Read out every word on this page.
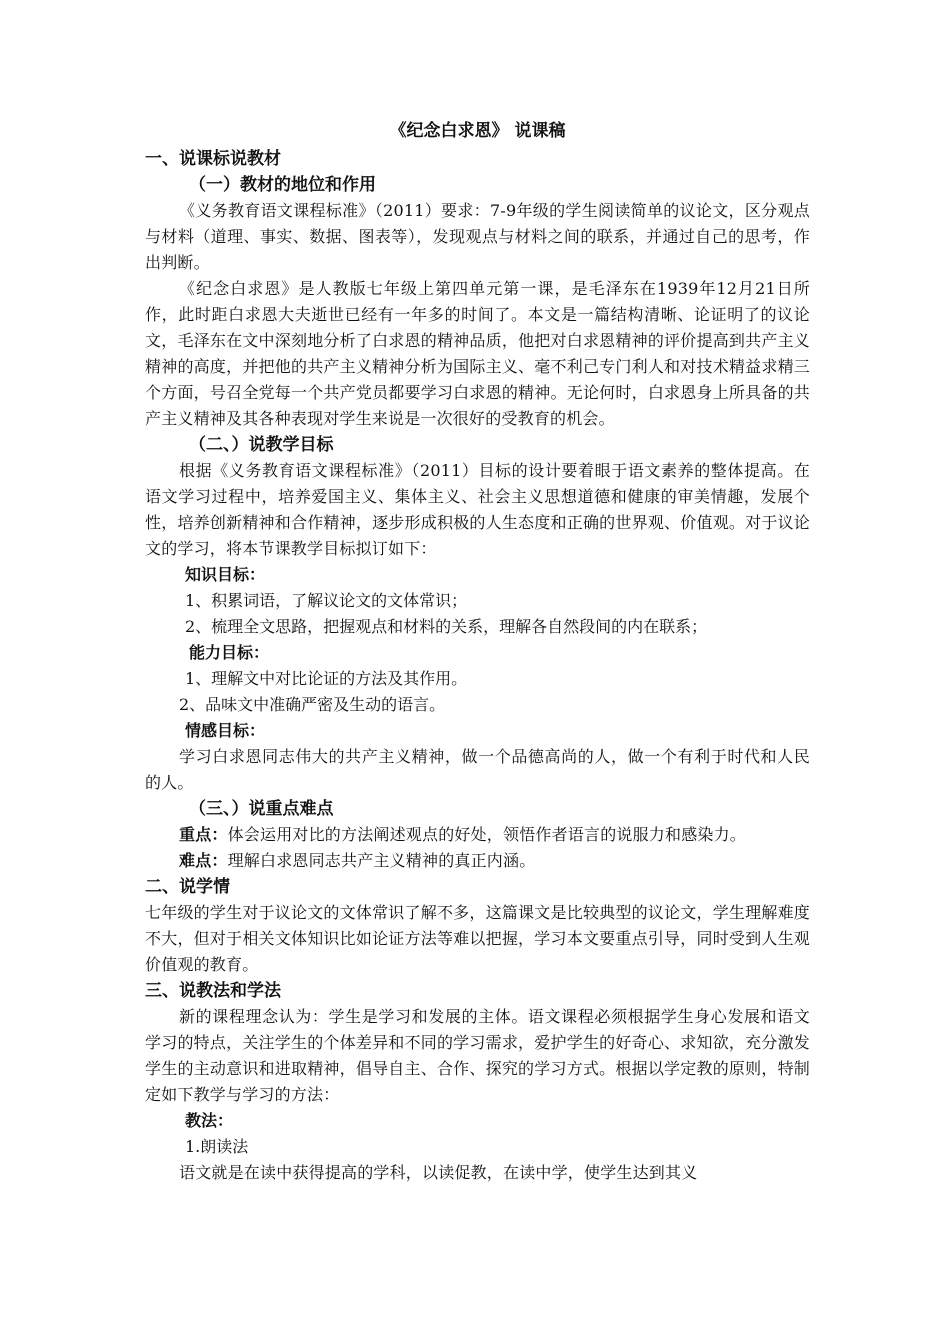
《纪念白求恩》 说课稿

一、说课标说教材

（一）教材的地位和作用

《义务教育语文课程标准》（2011）要求：7-9年级的学生阅读简单的议论文，区分观点与材料（道理、事实、数据、图表等），发现观点与材料之间的联系，并通过自己的思考，作出判断。

《纪念白求恩》是人教版七年级上第四单元第一课，是毛泽东在1939年12月21日所作，此时距白求恩大夫逝世已经有一年多的时间了。本文是一篇结构清晰、论证明了的议论文，毛泽东在文中深刻地分析了白求恩的精神品质，他把对白求恩精神的评价提高到共产主义精神的高度，并把他的共产主义精神分析为国际主义、毫不利己专门利人和对技术精益求精三个方面，号召全党每一个共产党员都要学习白求恩的精神。无论何时，白求恩身上所具备的共产主义精神及其各种表现对学生来说是一次很好的受教育的机会。

（二、）说教学目标

根据《义务教育语文课程标准》（2011）目标的设计要着眼于语文素养的整体提高。在语文学习过程中，培养爱国主义、集体主义、社会主义思想道德和健康的审美情趣，发展个性，培养创新精神和合作精神，逐步形成积极的人生态度和正确的世界观、价值观。对于议论文的学习，将本节课教学目标拟订如下：

知识目标：

1、积累词语，了解议论文的文体常识；

2、梳理全文思路，把握观点和材料的关系，理解各自然段间的内在联系；

能力目标：

1、理解文中对比论证的方法及其作用。

2、品味文中准确严密及生动的语言。

情感目标：

学习白求恩同志伟大的共产主义精神，做一个品德高尚的人，做一个有利于时代和人民的人。

（三、）说重点难点

重点：体会运用对比的方法阐述观点的好处，领悟作者语言的说服力和感染力。

难点：理解白求恩同志共产主义精神的真正内涵。

二、说学情

七年级的学生对于议论文的文体常识了解不多，这篇课文是比较典型的议论文，学生理解难度不大，但对于相关文体知识比如论证方法等难以把握，学习本文要重点引导，同时受到人生观价值观的教育。

三、说教法和学法

新的课程理念认为：学生是学习和发展的主体。语文课程必须根据学生身心发展和语文学习的特点，关注学生的个体差异和不同的学习需求，爱护学生的好奇心、求知欲，充分激发学生的主动意识和进取精神，倡导自主、合作、探究的学习方式。根据以学定教的原则，特制定如下教学与学习的方法：

教法：

1.朗读法

语文就是在读中获得提高的学科，以读促教，在读中学，使学生达到其义
